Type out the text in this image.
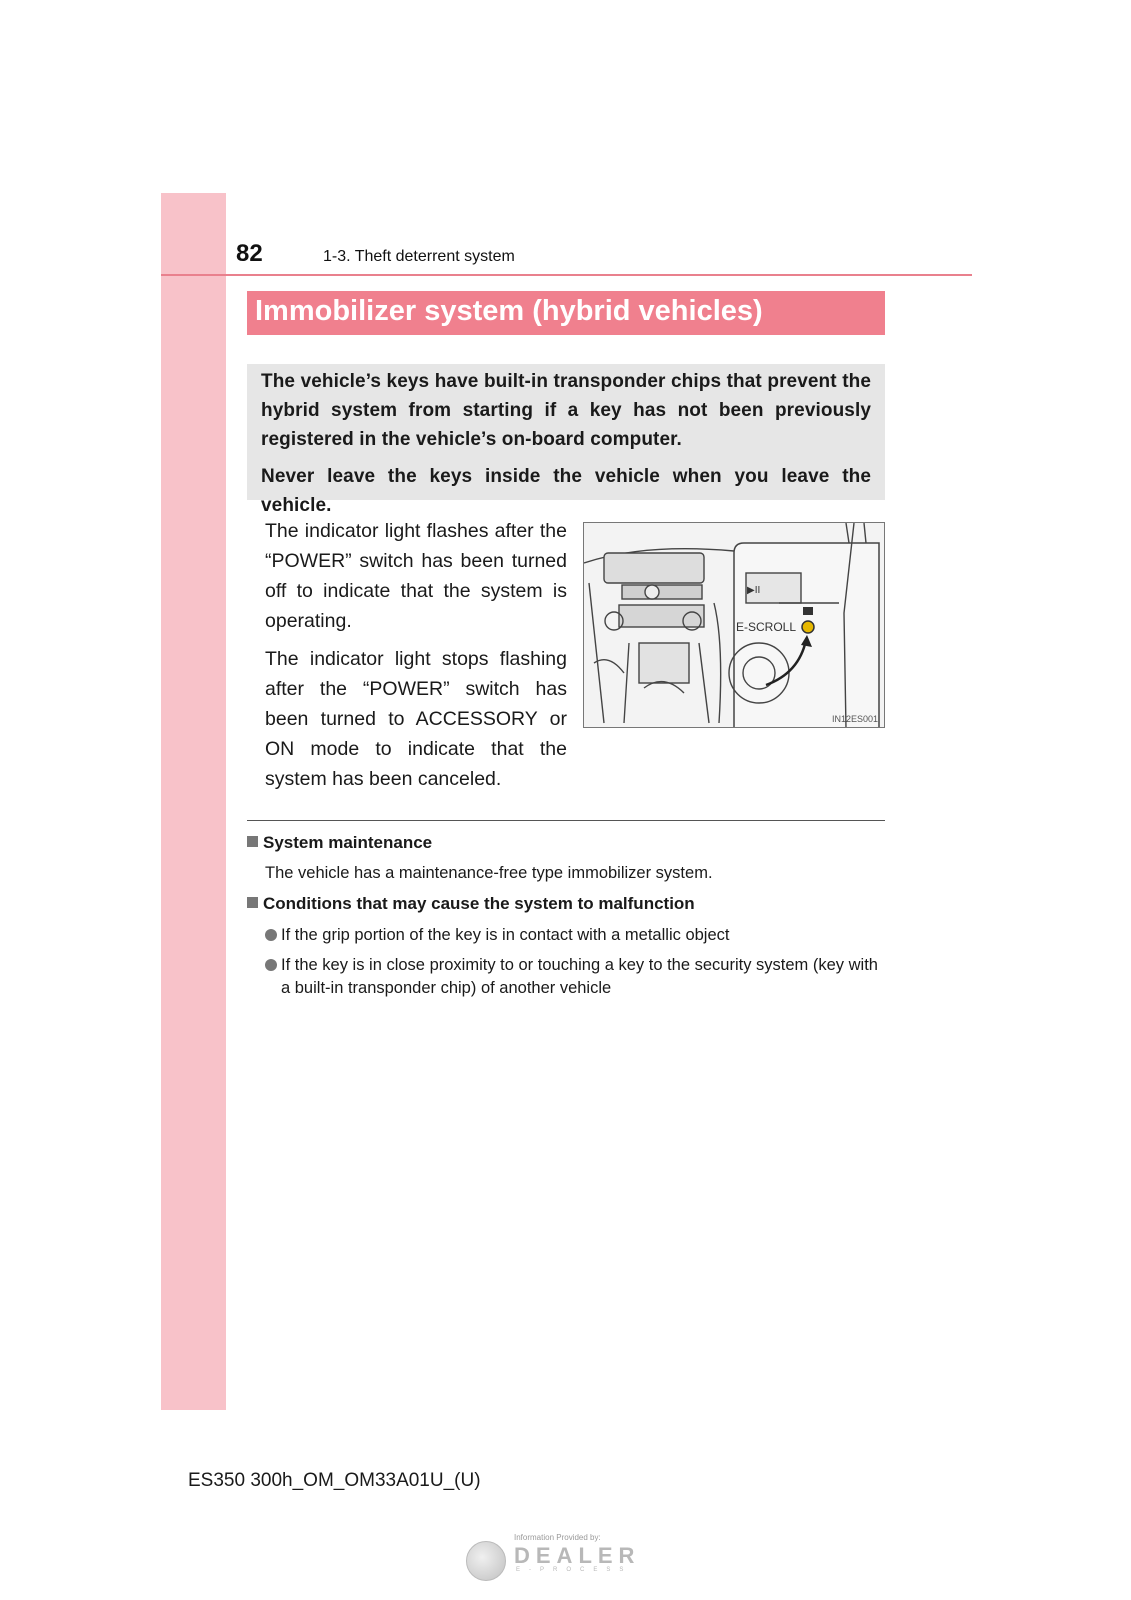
82	1-3. Theft deterrent system
Immobilizer system (hybrid vehicles)

The vehicle’s keys have built-in transponder chips that prevent the hybrid system from starting if a key has not been previously registered in the vehicle’s on-board computer.

Never leave the keys inside the vehicle when you leave the vehicle.

The indicator light flashes after the “POWER” switch has been turned off to indicate that the system is operating.

The indicator light stops flashing after the “POWER” switch has been turned to ACCESSORY or ON mode to indicate that the system has been canceled.

▶II
E-SCROLL
IN12ES001
System maintenance
The vehicle has a maintenance-free type immobilizer system.
Conditions that may cause the system to malfunction
If the grip portion of the key is in contact with a metallic object
If the key is in close proximity to or touching a key to the security system (key with a built-in transponder chip) of another vehicle
ES350 300h_OM_OM33A01U_(U)
Information Provided by:
DEALER
E-PROCESS
